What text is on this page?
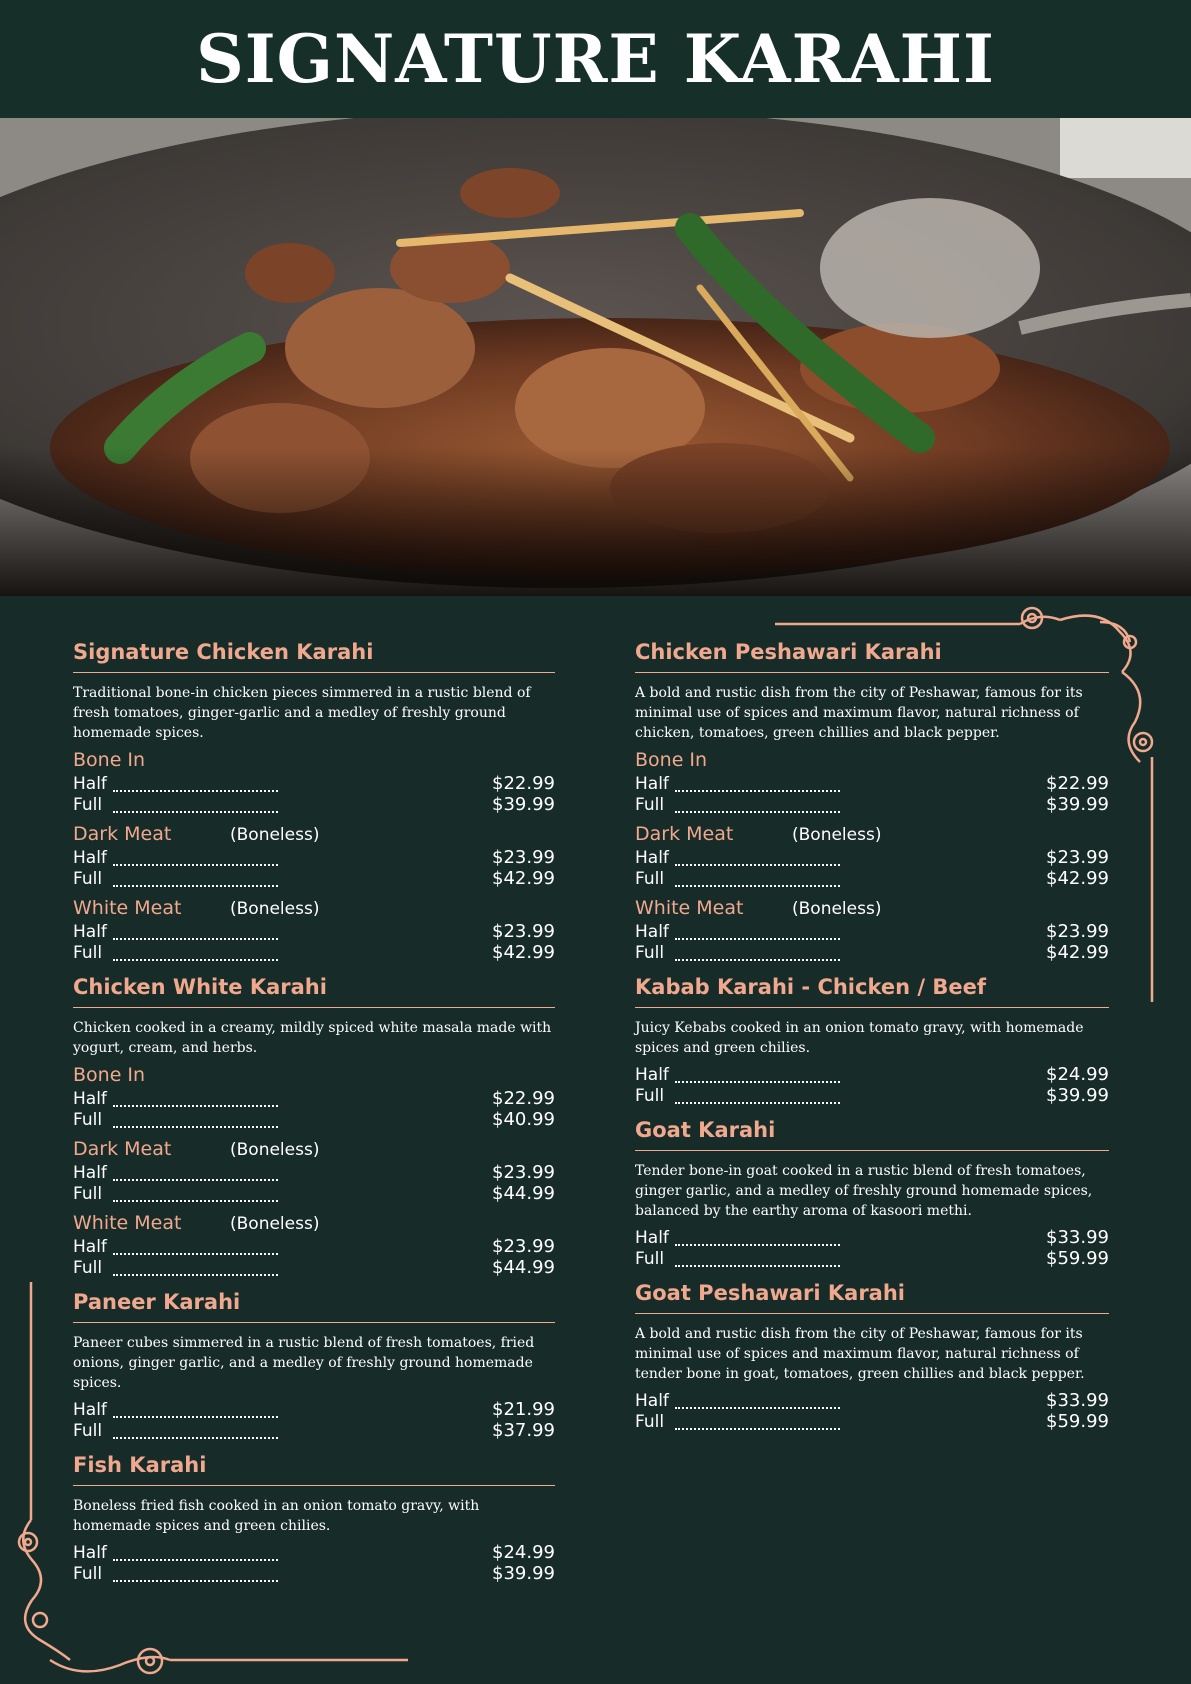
SIGNATURE KARAHI
Signature Chicken Karahi
Traditional bone-in chicken pieces simmered in a rustic blend of fresh tomatoes, ginger-garlic and a medley of freshly ground homemade spices.
Bone In
Half	$22.99
Full	$39.99
Dark Meat	(Boneless)
Half	$23.99
Full	$42.99
White Meat	(Boneless)
Half	$23.99
Full	$42.99
Chicken White Karahi
Chicken cooked in a creamy, mildly spiced white masala made with yogurt, cream, and herbs.
Bone In
Half	$22.99
Full	$40.99
Dark Meat	(Boneless)
Half	$23.99
Full	$44.99
White Meat	(Boneless)
Half	$23.99
Full	$44.99
Paneer Karahi
Paneer cubes simmered in a rustic blend of fresh tomatoes, fried onions, ginger garlic, and a medley of freshly ground homemade spices.
Half	$21.99
Full	$37.99
Fish Karahi
Boneless fried fish cooked in an onion tomato gravy, with homemade spices and green chilies.
Half	$24.99
Full	$39.99
Chicken Peshawari Karahi
A bold and rustic dish from the city of Peshawar, famous for its minimal use of spices and maximum flavor, natural richness of chicken, tomatoes, green chillies and black pepper.
Bone In
Half	$22.99
Full	$39.99
Dark Meat	(Boneless)
Half	$23.99
Full	$42.99
White Meat	(Boneless)
Half	$23.99
Full	$42.99
Kabab Karahi - Chicken / Beef
Juicy Kebabs cooked in an onion tomato gravy, with homemade spices and green chilies.
Half	$24.99
Full	$39.99
Goat Karahi
Tender bone-in goat cooked in a rustic blend of fresh tomatoes, ginger garlic, and a medley of freshly ground homemade spices, balanced by the earthy aroma of kasoori methi.
Half	$33.99
Full	$59.99
Goat Peshawari Karahi
A bold and rustic dish from the city of Peshawar, famous for its minimal use of spices and maximum flavor, natural richness of tender bone in goat, tomatoes, green chillies and black pepper.
Half	$33.99
Full	$59.99
